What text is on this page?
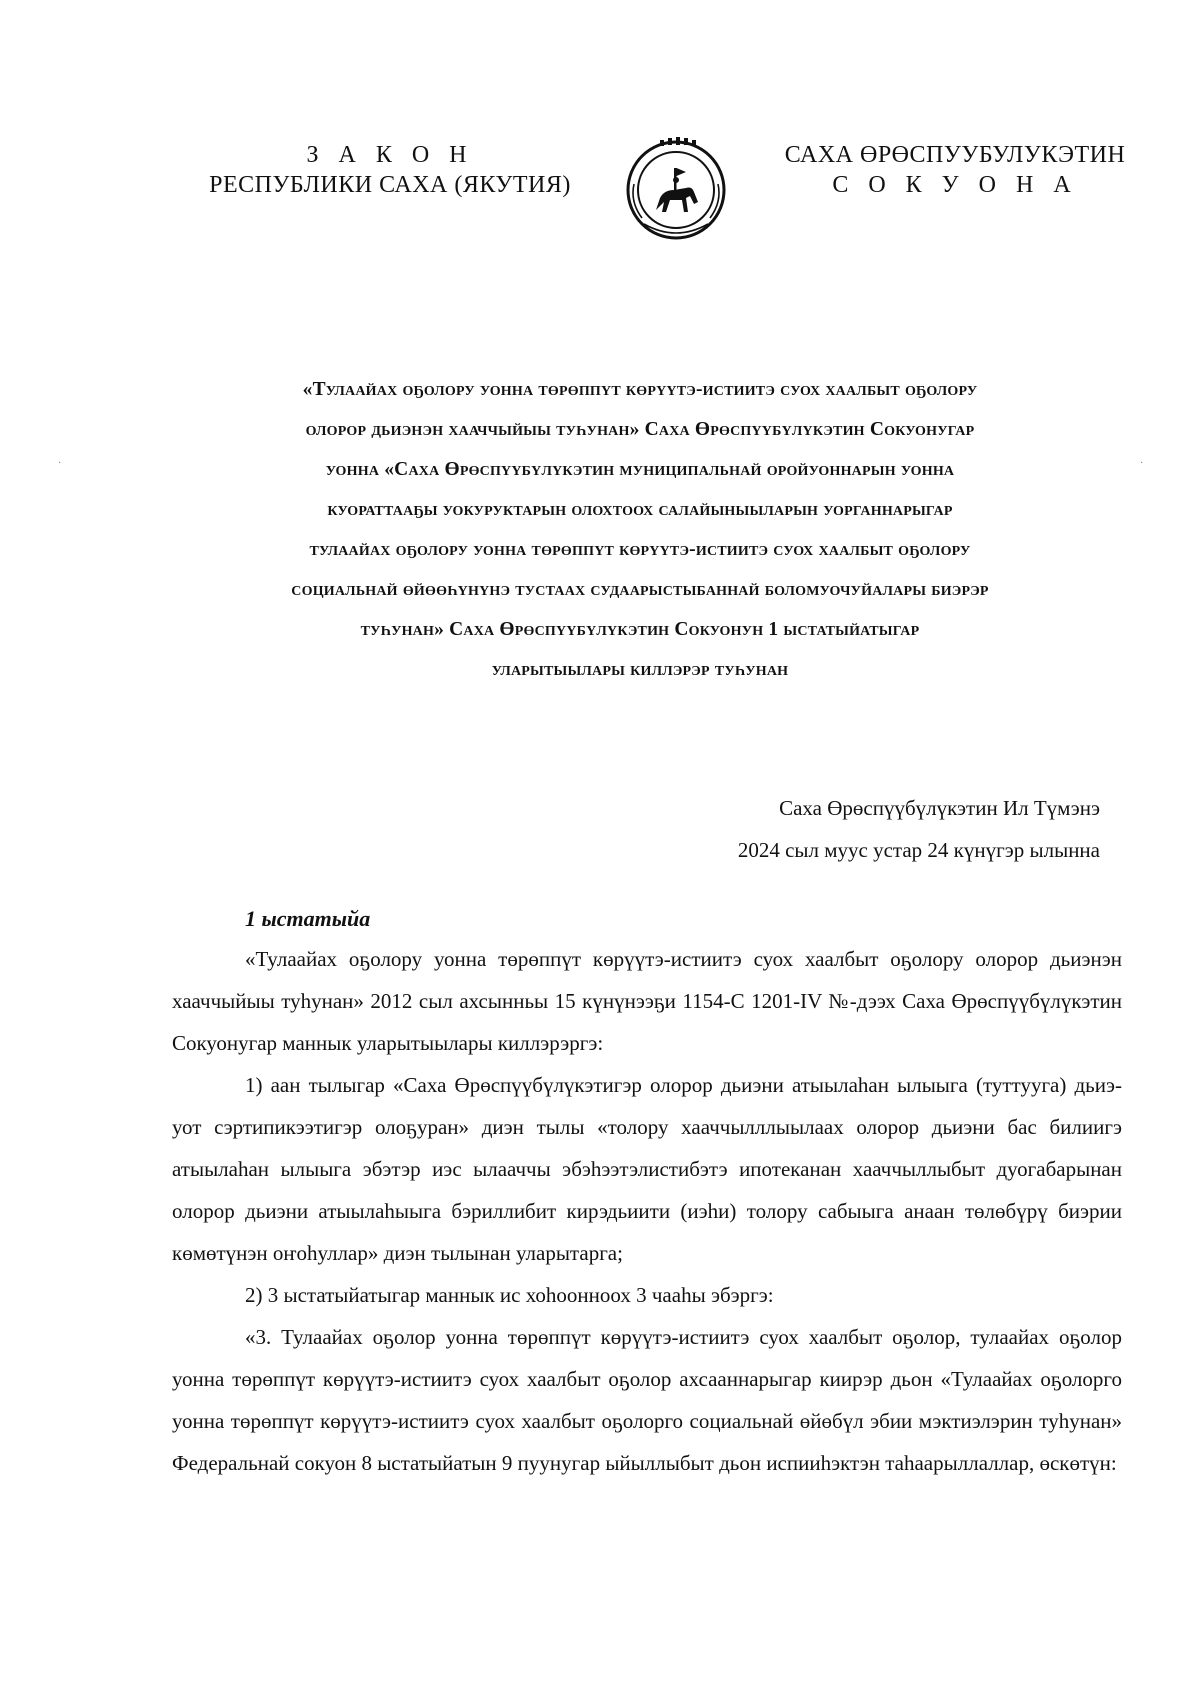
З А К О Н
РЕСПУБЛИКИ САХА (ЯКУТИЯ)
САХА ӨРӨСПУУБУЛУКЭТИН
С О К У О Н А
«Тулаайах оҕолору уонна төрөппүт көрүүтэ-истиитэ суох хаалбыт оҕолору
олорор дьиэнэн хааччыйыы туһунан» Саха Өрөспүүбүлүкэтин Сокуонугар
уонна «Саха Өрөспүүбүлүкэтин муниципальнай оройуоннарын уонна
куораттааҕы уокуруктарын олохтоох салайыныыларын уорганнарыгар
тулаайах оҕолору уонна төрөппүт көрүүтэ-истиитэ суох хаалбыт оҕолору
социальнай өйөөһүнүнэ тустаах судаарыстыбаннай боломуочуйалары биэрэр
туһунан» Саха Өрөспүүбүлүкэтин Сокуонун 1 ыстатыйатыгар
уларытыылары киллэрэр туһунан
Саха Өрөспүүбүлүкэтин Ил Түмэнэ
2024 сыл муус устар 24 күнүгэр ылынна
1 ыстатыйа

«Тулаайах оҕолору уонна төрөппүт көрүүтэ-истиитэ суох хаалбыт оҕолору олорор дьиэнэн хааччыйыы туһунан» 2012 сыл ахсынньы 15 күнүнээҕи 1154-С 1201-IV №-дээх Саха Өрөспүүбүлүкэтин Сокуонугар маннык уларытыылары киллэрэргэ:

1) аан тылыгар «Саха Өрөспүүбүлүкэтигэр олорор дьиэни атыылаһан ылыыга (туттууга) дьиэ-уот сэртипикээтигэр олоҕуран» диэн тылы «толору хааччылллыылаах олорор дьиэни бас билиигэ атыылаһан ылыыга эбэтэр иэс ылааччы эбэһээтэлистибэтэ ипотеканан хааччыллыбыт дуогабарынан олорор дьиэни атыылаһыыга бэриллибит кирэдьиити (иэһи) толору сабыыга анаан төлөбүрү биэрии көмөтүнэн оҥоһуллар» диэн тылынан уларытарга;

2) 3 ыстатыйатыгар маннык ис хоһоонноох 3 чааһы эбэргэ:

«3. Тулаайах оҕолор уонна төрөппүт көрүүтэ-истиитэ суох хаалбыт оҕолор, тулаайах оҕолор уонна төрөппүт көрүүтэ-истиитэ суох хаалбыт оҕолор ахсааннарыгар киирэр дьон «Тулаайах оҕолорго уонна төрөппүт көрүүтэ-истиитэ суох хаалбыт оҕолорго социальнай өйөбүл эбии мэктиэлэрин туһунан» Федеральнай сокуон 8 ыстатыйатын 9 пуунугар ыйыллыбыт дьон испииһэктэн таһаарыллаллар, өскөтүн:

·	·
